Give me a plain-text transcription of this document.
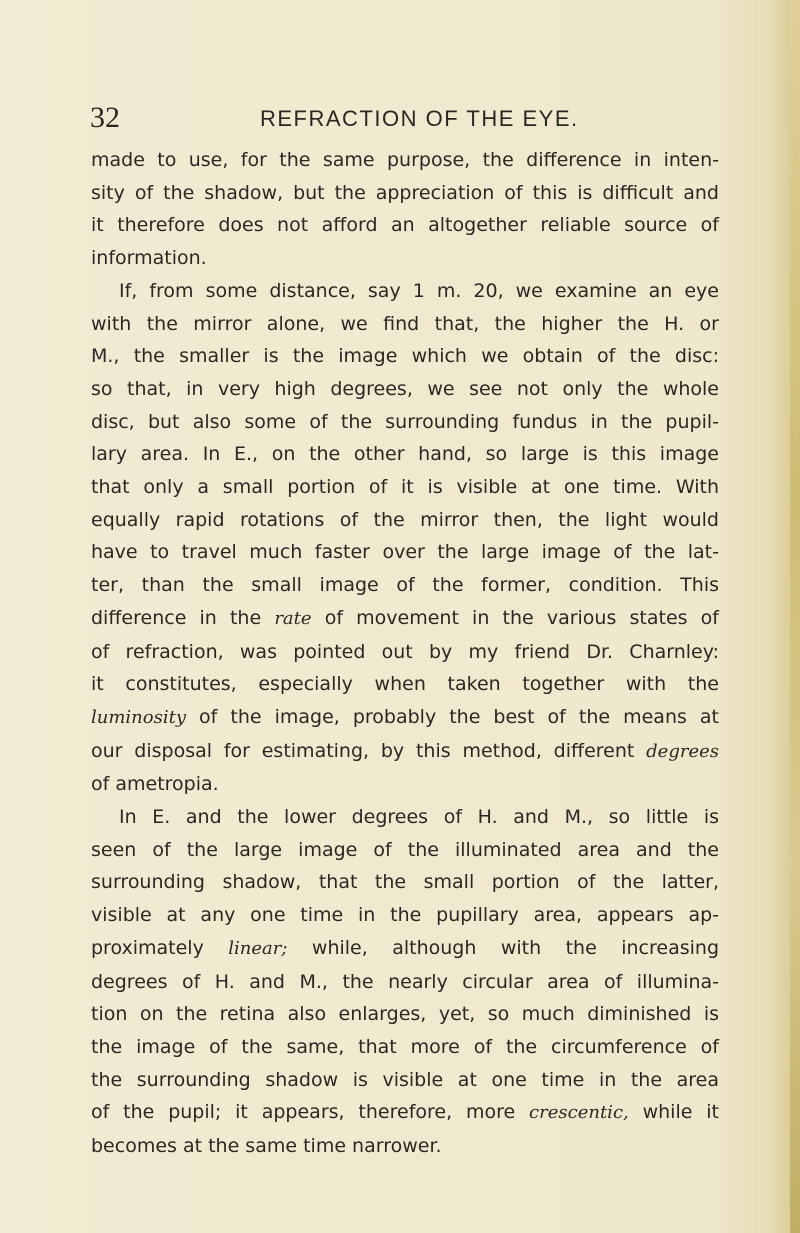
32	REFRACTION OF THE EYE.
made to use, for the same purpose, the difference in inten-
sity of the shadow, but the appreciation of this is difficult and
it therefore does not afford an altogether reliable source of
information.
If, from some distance, say 1 m. 20, we examine an eye
with the mirror alone, we find that, the higher the H. or
M., the smaller is the image which we obtain of the disc:
so that, in very high degrees, we see not only the whole
disc, but also some of the surrounding fundus in the pupil-
lary area. In E., on the other hand, so large is this image
that only a small portion of it is visible at one time. With
equally rapid rotations of the mirror then, the light would
have to travel much faster over the large image of the lat-
ter, than the small image of the former, condition. This
difference in the rate of movement in the various states of
of refraction, was pointed out by my friend Dr. Charnley:
it constitutes, especially when taken together with the
luminosity of the image, probably the best of the means at
our disposal for estimating, by this method, different degrees
of ametropia.
In E. and the lower degrees of H. and M., so little is
seen of the large image of the illuminated area and the
surrounding shadow, that the small portion of the latter,
visible at any one time in the pupillary area, appears ap-
proximately linear; while, although with the increasing
degrees of H. and M., the nearly circular area of illumina-
tion on the retina also enlarges, yet, so much diminished is
the image of the same, that more of the circumference of
the surrounding shadow is visible at one time in the area
of the pupil; it appears, therefore, more crescentic, while it
becomes at the same time narrower.
